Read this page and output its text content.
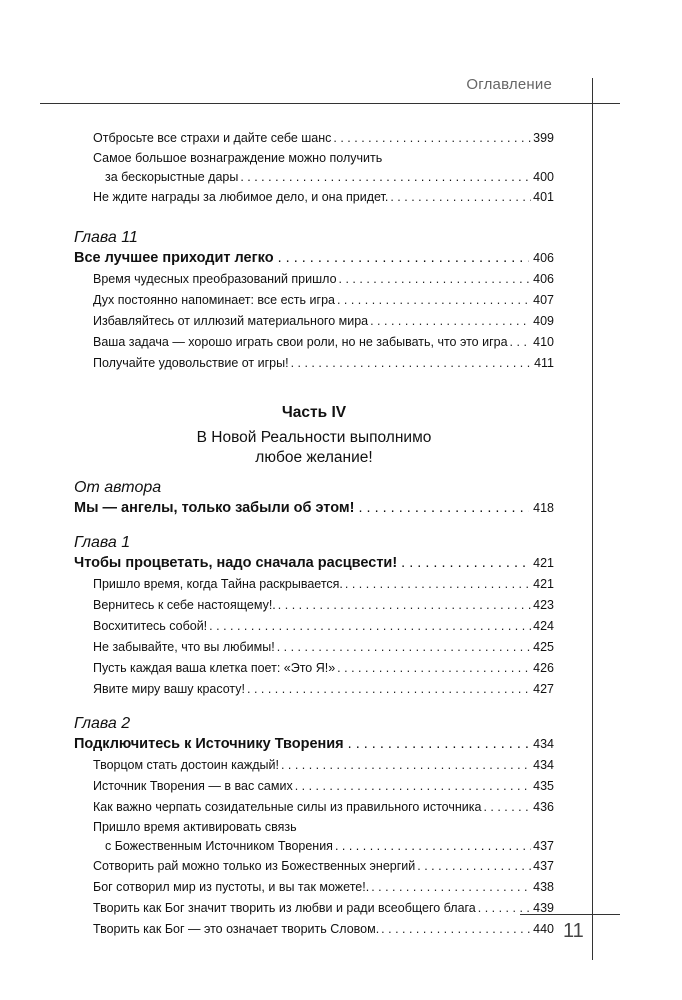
Оглавление
11
Отбросьте все страхи и дайте себе шанс . . .	399
Самое большое вознаграждение можно получить
за бескорыстные дары . . .	400
Не ждите награды за любимое дело, и она придет. . . .	401
Глава 11
Все лучшее приходит легко . . .	406
Время чудесных преобразований пришло . . .	406
Дух постоянно напоминает: все есть игра . . .	407
Избавляйтесь от иллюзий материального мира . . .	409
Ваша задача — хорошо играть свои роли, но не забывать, что это игра . . . 410
Получайте удовольствие от игры! . . .	411
Часть IV
В Новой Реальности выполнимо
любое желание!
От автора
Мы — ангелы, только забыли об этом! . . .	418
Глава 1
Чтобы процветать, надо сначала расцвести! . . .	421
Пришло время, когда Тайна раскрывается. . . .	421
Вернитесь к себе настоящему!. . . .	423
Восхититесь собой! . . .	424
Не забывайте, что вы любимы! . . .	425
Пусть каждая ваша клетка поет: «Это Я!» . . .	426
Явите миру вашу красоту! . . .	427
Глава 2
Подключитесь к Источнику Творения . . .	434
Творцом стать достоин каждый! . . .	434
Источник Творения — в вас самих . . .	435
Как важно черпать созидательные силы из правильного источника . . .	436
Пришло время активировать связь
с Божественным Источником Творения . . .	437
Сотворить рай можно только из Божественных энергий . . .	437
Бог сотворил мир из пустоты, и вы так можете!. . . .	438
Творить как Бог значит творить из любви и ради всеобщего блага . . .	439
Творить как Бог — это означает творить Словом. . . .	440
